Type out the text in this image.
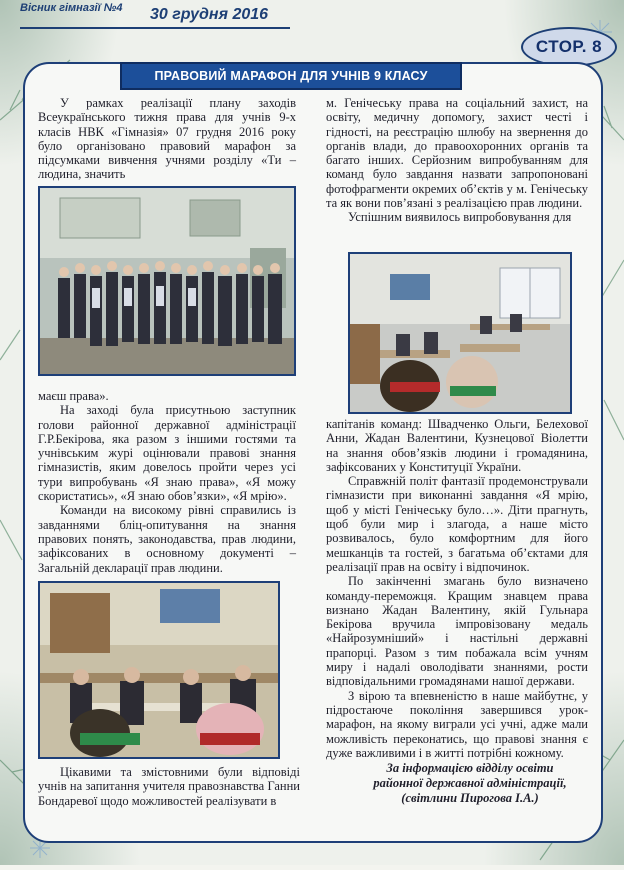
Вісник гімназії №4	30 грудня 2016
СТОР. 8
ПРАВОВИЙ МАРАФОН ДЛЯ УЧНІВ 9 КЛАСУ

У рамках реалізації плану заходів Всеукраїнського тижня права для учнів 9-х класів НВК «Гімназія» 07 грудня 2016 року було організовано правовий марафон за підсумками вивчення учнями розділу «Ти –людина, значить

маєш права».

На заході була присутньою заступник голови районної державної адміністрації Г.Р.Бекірова, яка разом з іншими гостями та учнівським журі оцінювали правові знання гімназистів, яким довелось пройти через усі тури випробувань «Я знаю права», «Я можу скористатись», «Я знаю обов’язки», «Я мрію».

Команди на високому рівні справились із завданнями бліц-опитування на знання правових понять, законодавства, прав людини, зафіксованих в основному документі – Загальній декларації прав людини.

Цікавими та змістовними були відповіді учнів на запитання учителя правознавства Ганни Бондаревої щодо можливостей реалізувати в

м. Генічеську права на соціальний захист, на освіту, медичну допомогу, захист честі і гідності, на реєстрацію шлюбу на звернення до органів влади, до правоохоронних органів та багато інших. Серйозним випробуванням для команд було завдання назвати запропоновані фотофрагменти окремих об’єктів у м. Генічеську та як вони пов’язані з реалізацією прав людини.

Успішним виявилось випробовування для

капітанів команд: Швадченко Ольги, Белехової Анни, Жадан Валентини, Кузнецової Віолетти на знання обов’язків людини і громадянина, зафіксованих у Конституції України.

Справжній політ фантазії продемонстрували гімназисти при виконанні завдання «Я мрію, щоб у місті Генічеську було…». Діти прагнуть, щоб були мир і злагода, а наше місто розвивалось, було комфортним для його мешканців та гостей, з багатьма об’єктами для реалізації прав на освіту і відпочинок.

По закінченні змагань було визначено команду-переможця. Кращим знавцем права визнано Жадан Валентину, якій Гульнара Бекірова вручила імпровізовану медаль «Найрозумніший» і настільні державні прапорці. Разом з тим побажала всім учням миру і надалі оволодівати знаннями, рости відповідальними громадянами нашої держави.

З вірою та впевненістю в наше майбутнє, у підростаюче покоління завершився урок-марафон, на якому виграли усі учні, адже мали можливість переконатись, що правові знання є дуже важливими і в житті потрібні кожному.

За інформацією відділу освіти
районної державної адміністрації,
(світлини Пирогова І.А.)
